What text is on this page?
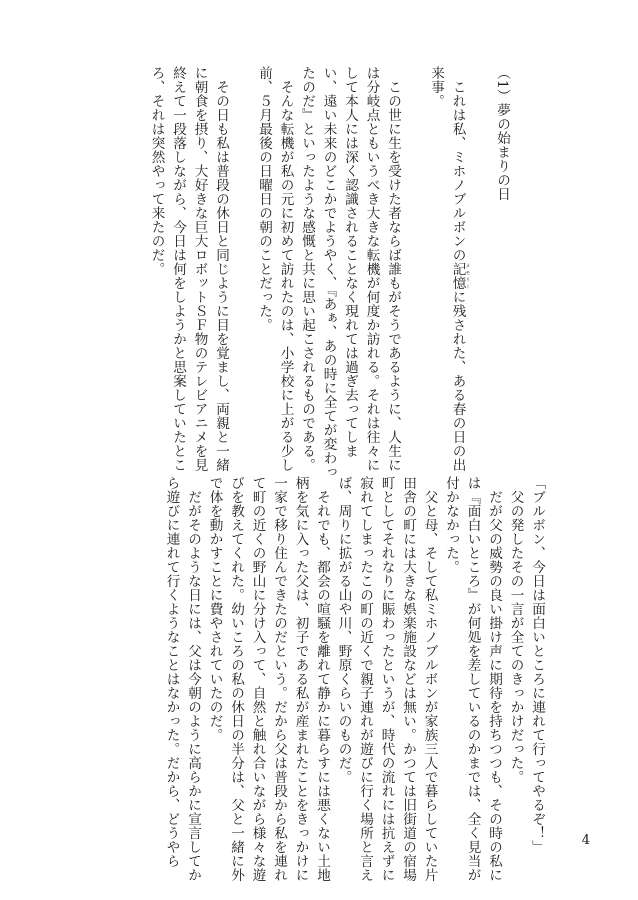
（1）夢の始まりの日

　これは私、ミホノブルボンの記憶 メモリーに残された、ある春の日の出

来事。

　この世に生を受けた者ならば誰もがそうであるように、人生に

は分岐点ともいうべき大きな転機が何度か訪れる。それは往々に

して本人には深く認識されることなく現れては過ぎ去ってしま

い、遠い未来のどこかでようやく、『あぁ、あの時に全てが変わっ

たのだ』といったような感慨と共に思い起こされるものである。

　そんな転機が私の元に初めて訪れたのは、小学校に上がる少し

前、５月最後の日曜日の朝のことだった。

　その日も私は普段の休日と同じように目を覚まし、両親と一緒

に朝食を摂り、大好きな巨大ロボットＳＦ物のテレビアニメを見

終えて一段落しながら、今日は何をしようかと思案していたとこ

ろ、それは突然やって来たのだ。

「ブルボン、今日は面白いところに連れて行ってやるぞ！」

　父の発したその一言が全てのきっかけだった。

　だが父の威勢の良い掛け声に期待を持ちつつも、その時の私に

は『面白いところ』が何処を差しているのかまでは、全く見当が

付かなかった。

　父と母、そして私ミホノブルボンが家族三人で暮らしていた片

田舎の町には大きな娯楽施設などは無い。かつては旧街道の宿場

町としてそれなりに賑わったというが、時代の流れには抗えずに

寂れてしまったこの町の近くで親子連れが遊びに行く場所と言え

ば、周りに拡がる山や川、野原くらいのものだ。

　それでも、都会の喧騒を離れて静かに暮らすには悪くない土地

柄を気に入った父は、初子である私が産まれたことをきっかけに

一家で移り住んできたのだという。だから父は普段から私を連れ

て町の近くの野山に分け入って、自然と触れ合いながら様々な遊

びを教えてくれた。幼いころの私の休日の半分は、父と一緒に外

で体を動かすことに費やされていたのだ。

　だがそのような日には、父は今朝のように高らかに宣言してか

ら遊びに連れて行くようなことはなかった。だから、どうやら	4
